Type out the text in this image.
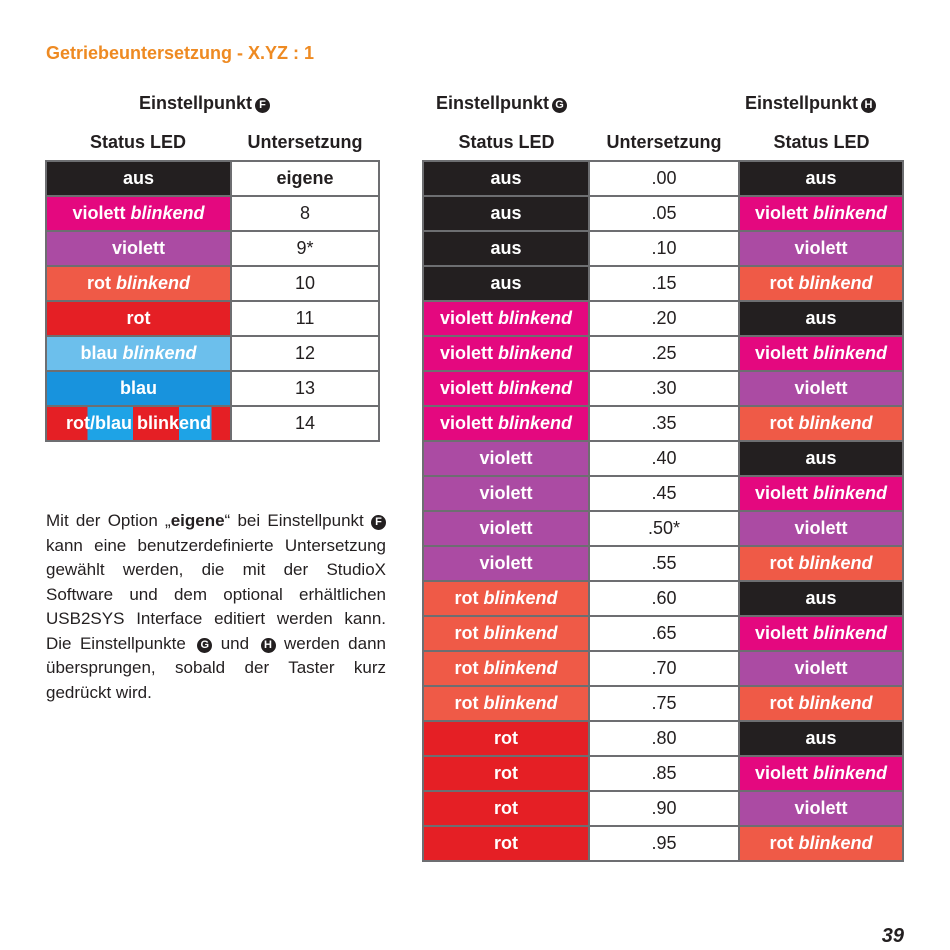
Getriebeuntersetzung - X.YZ : 1
Einstellpunkt F
Status LED	Untersetzung
aus	eigene
violett blinkend	8
violett	9*
rot blinkend	10
rot	11
blau blinkend	12
blau	13
rot/blau blinkend	14
Einstellpunkt G	Einstellpunkt H
Status LED	Untersetzung	Status LED
aus	.00	aus
aus	.05	violett blinkend
aus	.10	violett
aus	.15	rot blinkend
violett blinkend	.20	aus
violett blinkend	.25	violett blinkend
violett blinkend	.30	violett
violett blinkend	.35	rot blinkend
violett	.40	aus
violett	.45	violett blinkend
violett	.50*	violett
violett	.55	rot blinkend
rot blinkend	.60	aus
rot blinkend	.65	violett blinkend
rot blinkend	.70	violett
rot blinkend	.75	rot blinkend
rot	.80	aus
rot	.85	violett blinkend
rot	.90	violett
rot	.95	rot blinkend
Mit der Option „eigene“ bei Einstellpunkt F kann eine benutzerdefinierte Untersetzung gewählt werden, die mit der StudioX Software und dem optional erhältlichen USB2SYS Interface editiert werden kann. Die Einstellpunkte G und H werden dann übersprungen, sobald der Taster kurz gedrückt wird.
39
